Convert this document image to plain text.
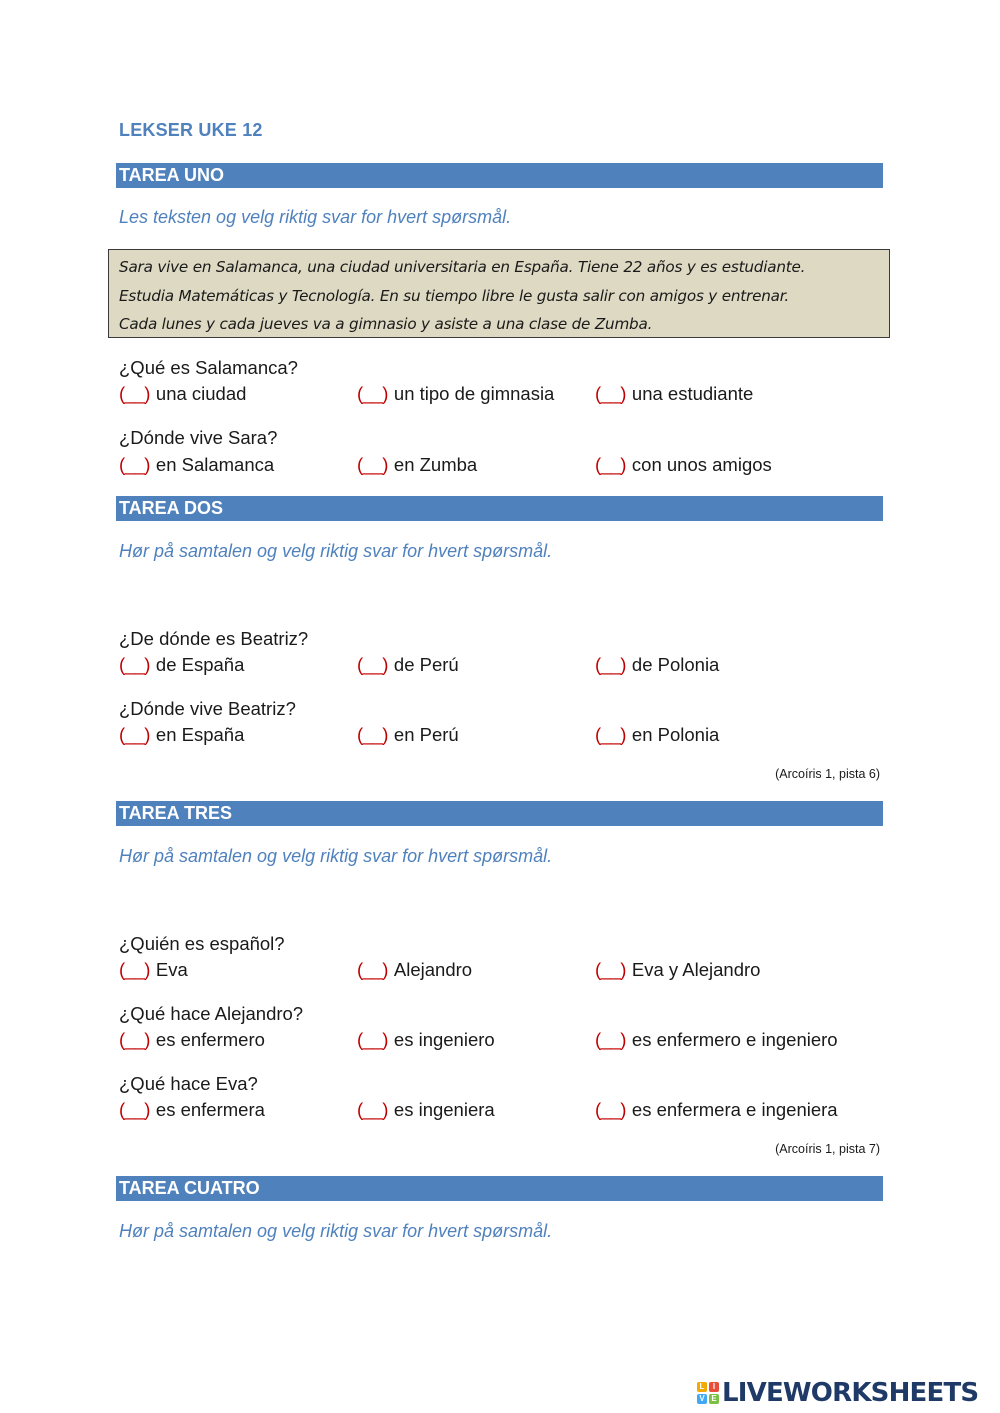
LEKSER UKE 12
TAREA UNO
Les teksten og velg riktig svar for hvert spørsmål.
Sara vive en Salamanca, una ciudad universitaria en España. Tiene 22 años y es estudiante.
Estudia Matemáticas y Tecnología. En su tiempo libre le gusta salir con amigos y entrenar.
Cada lunes y cada jueves va a gimnasio y asiste a una clase de Zumba.
¿Qué es Salamanca?
(__) una ciudad	(__) un tipo de gimnasia (__) una estudiante
¿Dónde vive Sara?
(__) en Salamanca	(__) en Zumba	(__) con unos amigos
TAREA DOS
Hør på samtalen og velg riktig svar for hvert spørsmål.
¿De dónde es Beatriz?
(__) de España	(__) de Perú	(__) de Polonia
¿Dónde vive Beatriz?
(__) en España	(__) en Perú	(__) en Polonia
(Arcoíris 1, pista 6)
TAREA TRES
Hør på samtalen og velg riktig svar for hvert spørsmål.
¿Quién es español?
(__) Eva	(__) Alejandro	(__) Eva y Alejandro
¿Qué hace Alejandro?
(__) es enfermero	(__) es ingeniero	(__) es enfermero e ingeniero
¿Qué hace Eva?
(__) es enfermera	(__) es ingeniera	(__) es enfermera e ingeniera
(Arcoíris 1, pista 7)
TAREA CUATRO
Hør på samtalen og velg riktig svar for hvert spørsmål.
L	I
V E LIVEWORKSHEETS
